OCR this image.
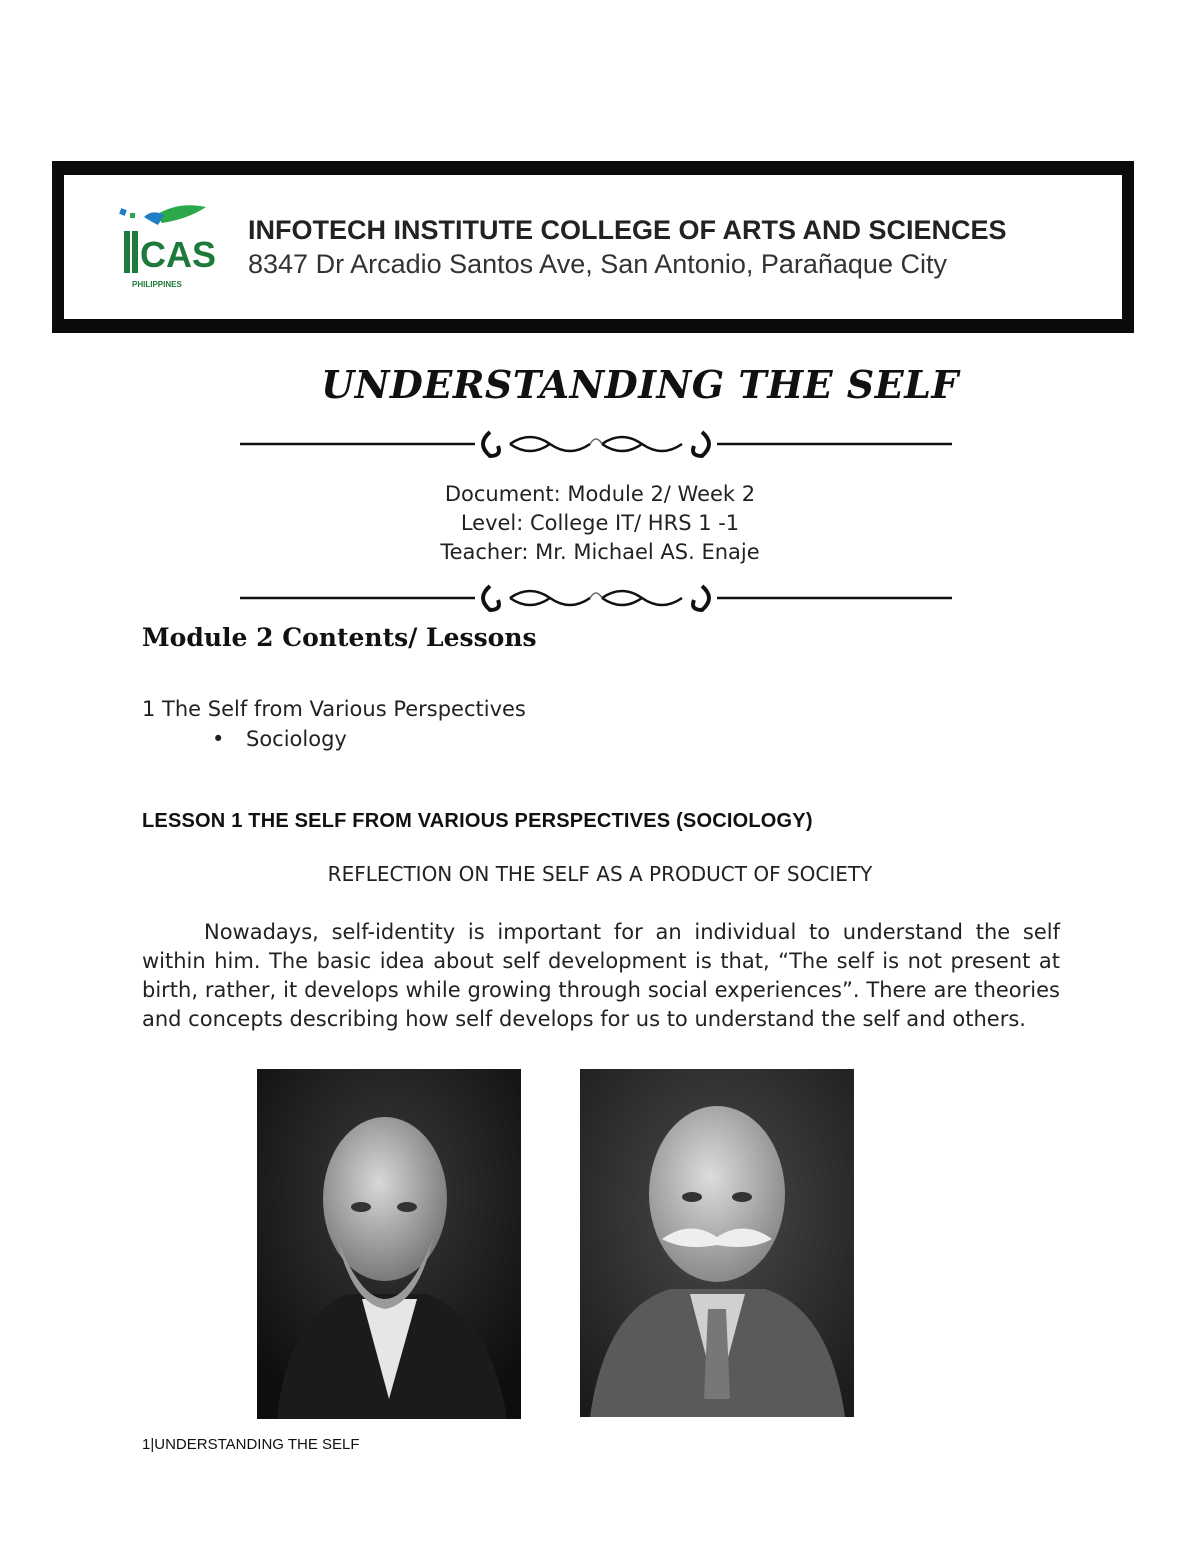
CAS
PHILIPPINES
INFOTECH INSTITUTE COLLEGE OF ARTS AND SCIENCES
8347 Dr Arcadio Santos Ave, San Antonio, Parañaque City
UNDERSTANDING THE SELF
Document: Module 2/ Week 2
Level: College IT/ HRS 1 -1
Teacher: Mr. Michael AS. Enaje
Module 2 Contents/ Lessons
1 The Self from Various Perspectives
• Sociology
LESSON 1 THE SELF FROM VARIOUS PERSPECTIVES (SOCIOLOGY)
REFLECTION ON THE SELF AS A PRODUCT OF SOCIETY
Nowadays, self-identity is important for an individual to understand the self within him. The basic idea about self development is that, “The self is not present at birth, rather, it develops while growing through social experiences”. There are theories and concepts describing how self develops for us to understand the self and others.
1|UNDERSTANDING THE SELF
